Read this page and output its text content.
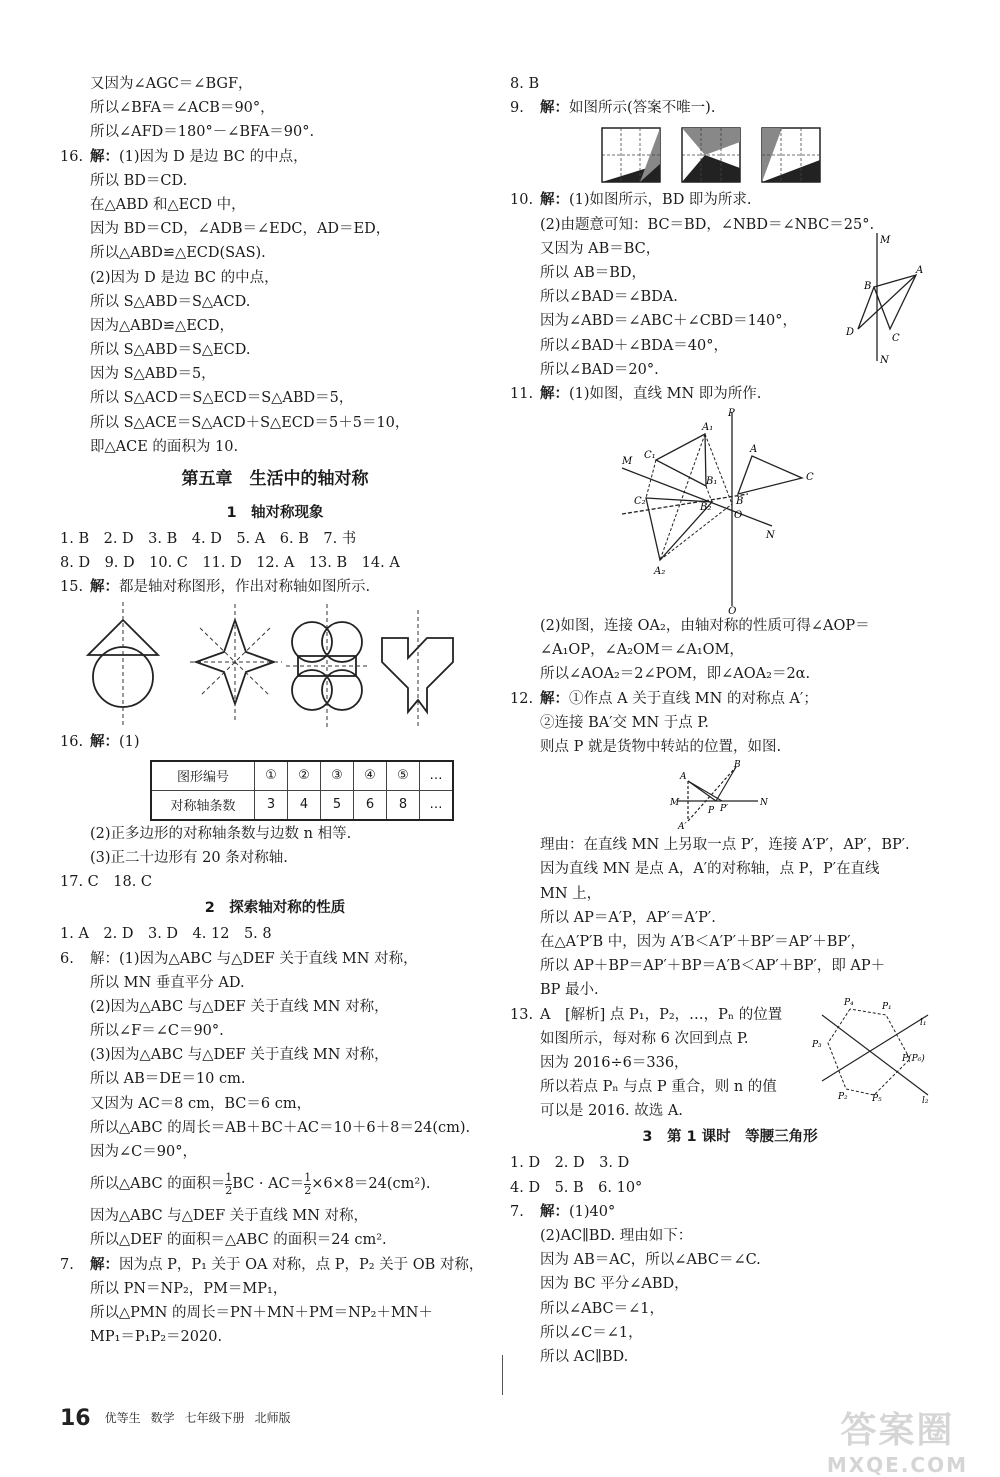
又因为∠AGC＝∠BGF，
所以∠BFA＝∠ACB＝90°，
所以∠AFD＝180°－∠BFA＝90°.
16. 解：(1)因为 D 是边 BC 的中点，
所以 BD＝CD.
在△ABD 和△ECD 中，
因为 BD＝CD，∠ADB＝∠EDC，AD＝ED，
所以△ABD≌△ECD(SAS).
(2)因为 D 是边 BC 的中点，
所以 S△ABD＝S△ACD.
因为△ABD≌△ECD，
所以 S△ABD＝S△ECD.
因为 S△ABD＝5，
所以 S△ACD＝S△ECD＝S△ABD＝5，
所以 S△ACE＝S△ACD＋S△ECD＝5＋5＝10，
即△ACE 的面积为 10.
第五章　生活中的轴对称
1　轴对称现象
1. B　2. D　3. B　4. D　5. A　6. B　7. 书
8. D　9. D　10. C　11. D　12. A　13. B　14. A
15. 解：都是轴对称图形，作出对称轴如图所示.
16. 解：(1)
图形编号	①	②	③	④	⑤	…
对称轴条数	3	4	5	6	8	…
(2)正多边形的对称轴条数与边数 n 相等.
(3)正二十边形有 20 条对称轴.
17. C　18. C
2　探索轴对称的性质
1. A　2. D　3. D　4. 12　5. 8
6. 解：(1)因为△ABC 与△DEF 关于直线 MN 对称，
所以 MN 垂直平分 AD.
(2)因为△ABC 与△DEF 关于直线 MN 对称，
所以∠F＝∠C＝90°.
(3)因为△ABC 与△DEF 关于直线 MN 对称，
所以 AB＝DE＝10 cm.
又因为 AC＝8 cm，BC＝6 cm，
所以△ABC 的周长＝AB＋BC＋AC＝10＋6＋8＝24(cm).
因为∠C＝90°，
所以△ABC 的面积＝ $\frac{1}{2}$ BC · $AC= \frac{1}{2} \times 6\times 8=24(cm^2)$.
因为△ABC 与△DEF 关于直线 MN 对称，
所以△DEF 的面积＝△ABC 的面积＝24 cm².
7. 解：因为点 P，P₁ 关于 OA 对称，点 P，P₂ 关于 OB 对称，
所以 PN＝NP₂，PM＝MP₁，
所以△PMN 的周长＝PN＋MN＋PM＝NP₂＋MN＋
MP₁＝P₁P₂＝2020.
8. B
9. 解：如图所示(答案不唯一).
10. 解：(1)如图所示，BD 即为所求.
(2)由题意可知：BC＝BD，∠NBD＝∠NBC＝25°.
又因为 AB＝BC，
所以 AB＝BD，
所以∠BAD＝∠BDA.
因为∠ABD＝∠ABC＋∠CBD＝140°，
所以∠BAD＋∠BDA＝40°，
所以∠BAD＝20°.
M
N
A
B
C
D
11. 解：(1)如图，直线 MN 即为所作.
P
Q
M
N
O
A
C
B
A₁
B₁
C₁
A₂
B₂
C₂
(2)如图，连接 OA₂，由轴对称的性质可得∠AOP＝
∠A₁OP，∠A₂OM＝∠A₁OM，
所以∠AOA₂＝2∠POM，即∠AOA₂＝2α.
12. 解：①作点 A 关于直线 MN 的对称点 A′；
②连接 BA′交 MN 于点 P.
则点 P 就是货物中转站的位置，如图.
A
B
M	N
P P′
A′
理由：在直线 MN 上另取一点 P′，连接 A′P′，AP′，BP′.
因为直线 MN 是点 A，A′的对称轴，点 P，P′在直线
MN 上，
所以 AP＝A′P，AP′＝A′P′.
在△A′P′B 中，因为 A′B＜A′P′＋BP′＝AP′＋BP′，
所以 AP＋BP＝AP′＋BP＝A′B＜AP′＋BP′，即 AP＋
BP 最小.
13. A　[解析] 点 P₁，P₂，…，Pₙ 的位置
如图所示，每对称 6 次回到点 P.
因为 2016÷6＝336，
所以若点 Pₙ 与点 P 重合，则 n 的值
可以是 2016. 故选 A.
P₄	P₁
l₁
P₃
P(P₆)
P₂	P₅	l₂
3　第 1 课时　等腰三角形
1. D　2. D　3. D
4. D　5. B　6. 10°
7. 解：(1)40°
(2)AC∥BD. 理由如下：
因为 AB＝AC，所以∠ABC＝∠C.
因为 BC 平分∠ABD，
所以∠ABC＝∠1，
所以∠C＝∠1，
所以 AC∥BD.
16 优等生 数学 七年级下册 北师版	答案圈
MXQE.COM
